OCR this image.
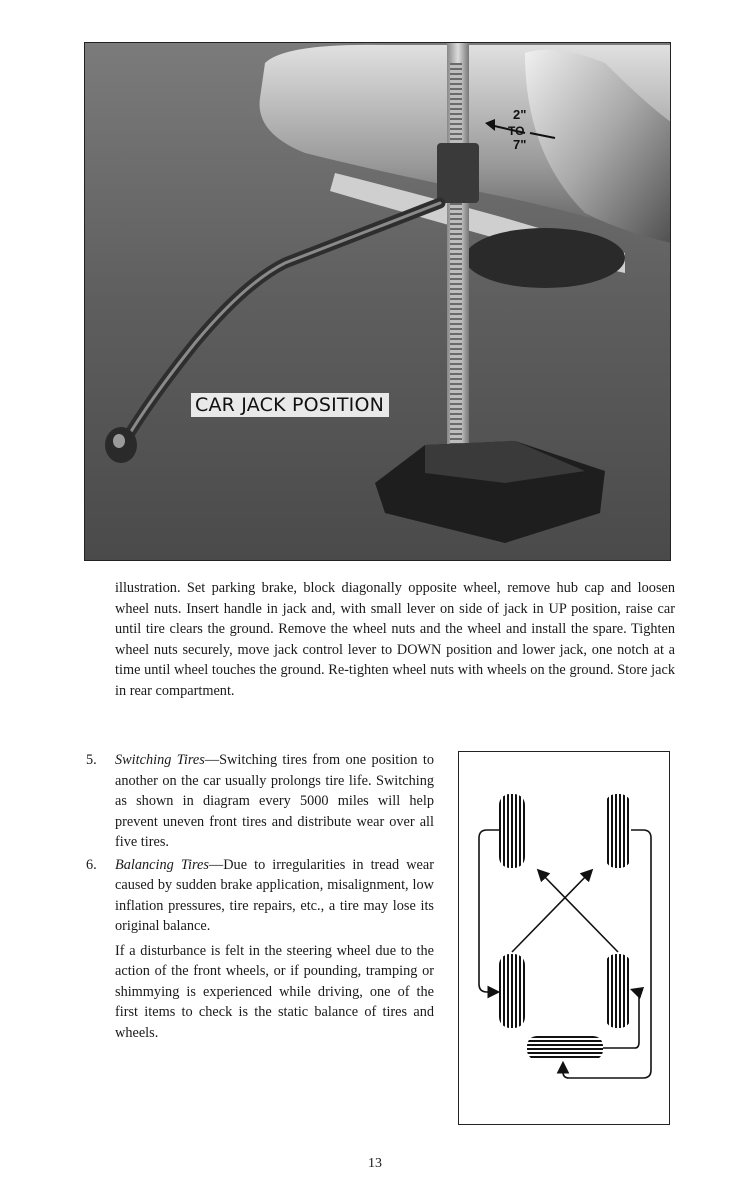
2"
TO
7"
CAR JACK POSITION
illustration. Set parking brake, block diagonally opposite wheel, remove hub cap and loosen wheel nuts. Insert handle in jack and, with small lever on side of jack in UP position, raise car until tire clears the ground. Remove the wheel nuts and the wheel and install the spare. Tighten wheel nuts securely, move jack control lever to DOWN position and lower jack, one notch at a time until wheel touches the ground. Re-tighten wheel nuts with wheels on the ground. Store jack in rear compartment.
5. Switching Tires—Switching tires from one position to another on the car usually prolongs tire life. Switching as shown in diagram every 5000 miles will help prevent uneven front tires and distribute wear over all five tires.

6. Balancing Tires—Due to irregularities in tread wear caused by sudden brake application, misalignment, low inflation pressures, tire repairs, etc., a tire may lose its original balance.

If a disturbance is felt in the steering wheel due to the action of the front wheels, or if pounding, tramping or shimmying is experienced while driving, one of the first items to check is the static balance of tires and wheels.
13
